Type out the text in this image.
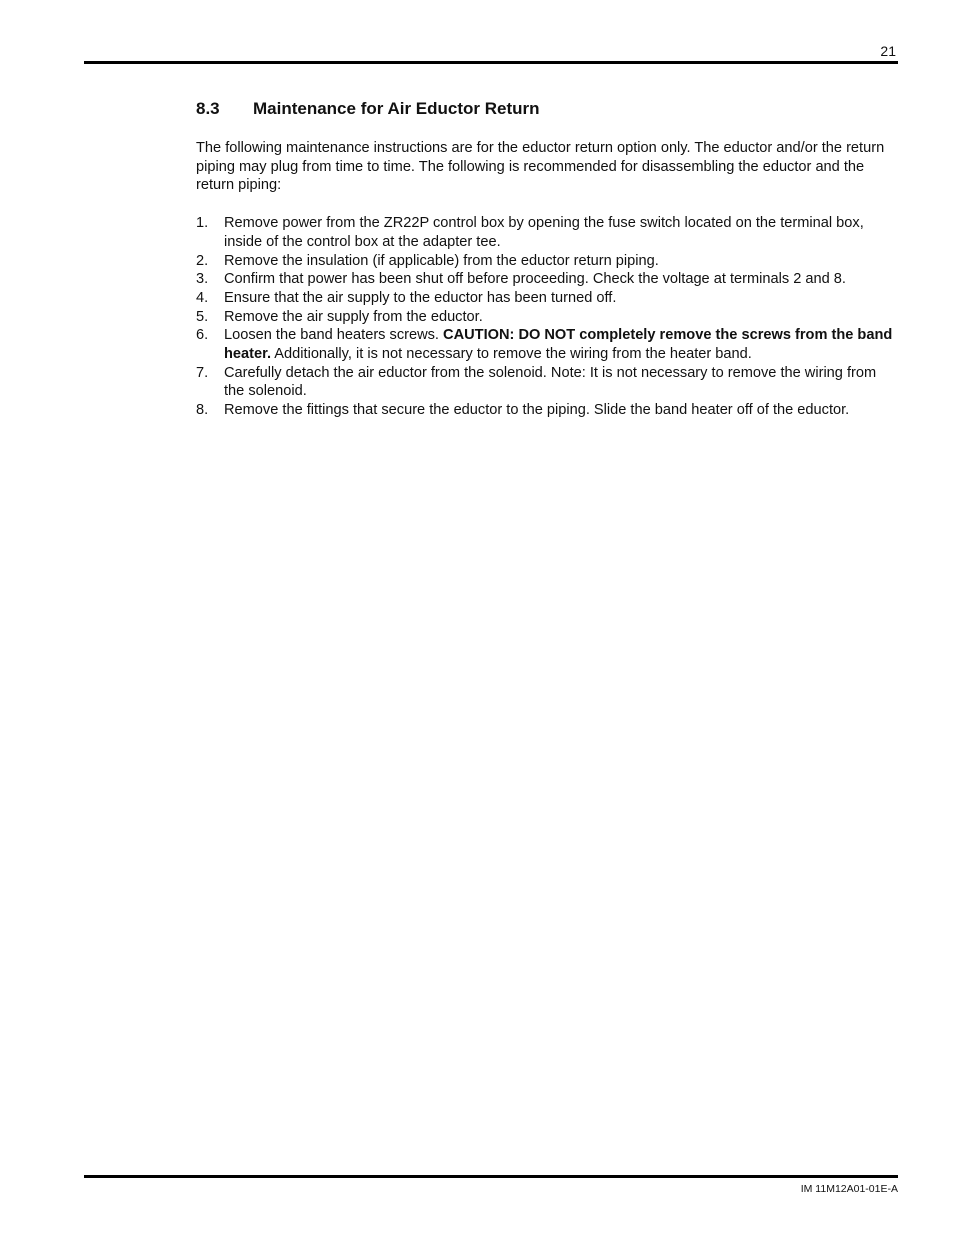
21
8.3	Maintenance for Air Eductor Return

The following maintenance instructions are for the eductor return option only. The eductor and/or the return piping may plug from time to time. The following is recommended for disassembling the eductor and the return piping:

1.	Remove power from the ZR22P control box by opening the fuse switch located on the terminal box, inside of the control box at the adapter tee.
2.	Remove the insulation (if applicable) from the eductor return piping.
3.	Confirm that power has been shut off before proceeding. Check the voltage at terminals 2 and 8.
4.	Ensure that the air supply to the eductor has been turned off.
5.	Remove the air supply from the eductor.
6.	Loosen the band heaters screws. CAUTION: DO NOT completely remove the screws from the band heater. Additionally, it is not necessary to remove the wiring from the heater band.
7.	Carefully detach the air eductor from the solenoid. Note: It is not necessary to remove the wiring from the solenoid.
8.	Remove the fittings that secure the eductor to the piping. Slide the band heater off of the eductor.
IM 11M12A01-01E-A
